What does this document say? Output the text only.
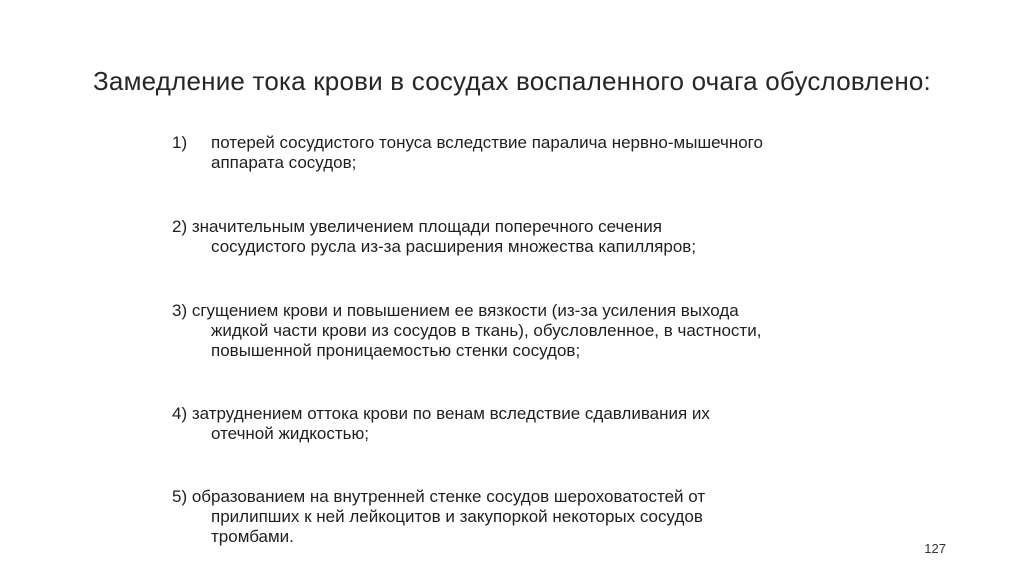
Замедление тока крови в сосудах воспаленного очага обусловлено:
1) потерей сосудистого тонуса вследствие паралича нервно-мышечного
аппарата сосудов;
2) значительным увеличением площади поперечного сечения
сосудистого русла из-за расширения множества капилляров;
3) сгущением крови и повышением ее вязкости (из-за усиления выхода
жидкой части крови из сосудов в ткань), обусловленное, в частности,
повышенной проницаемостью стенки сосудов;
4) затруднением оттока крови по венам вследствие сдавливания их
отечной жидкостью;
5) образованием на внутренней стенке сосудов шероховатостей от
прилипших к ней лейкоцитов и закупоркой некоторых сосудов
тромбами.
127
